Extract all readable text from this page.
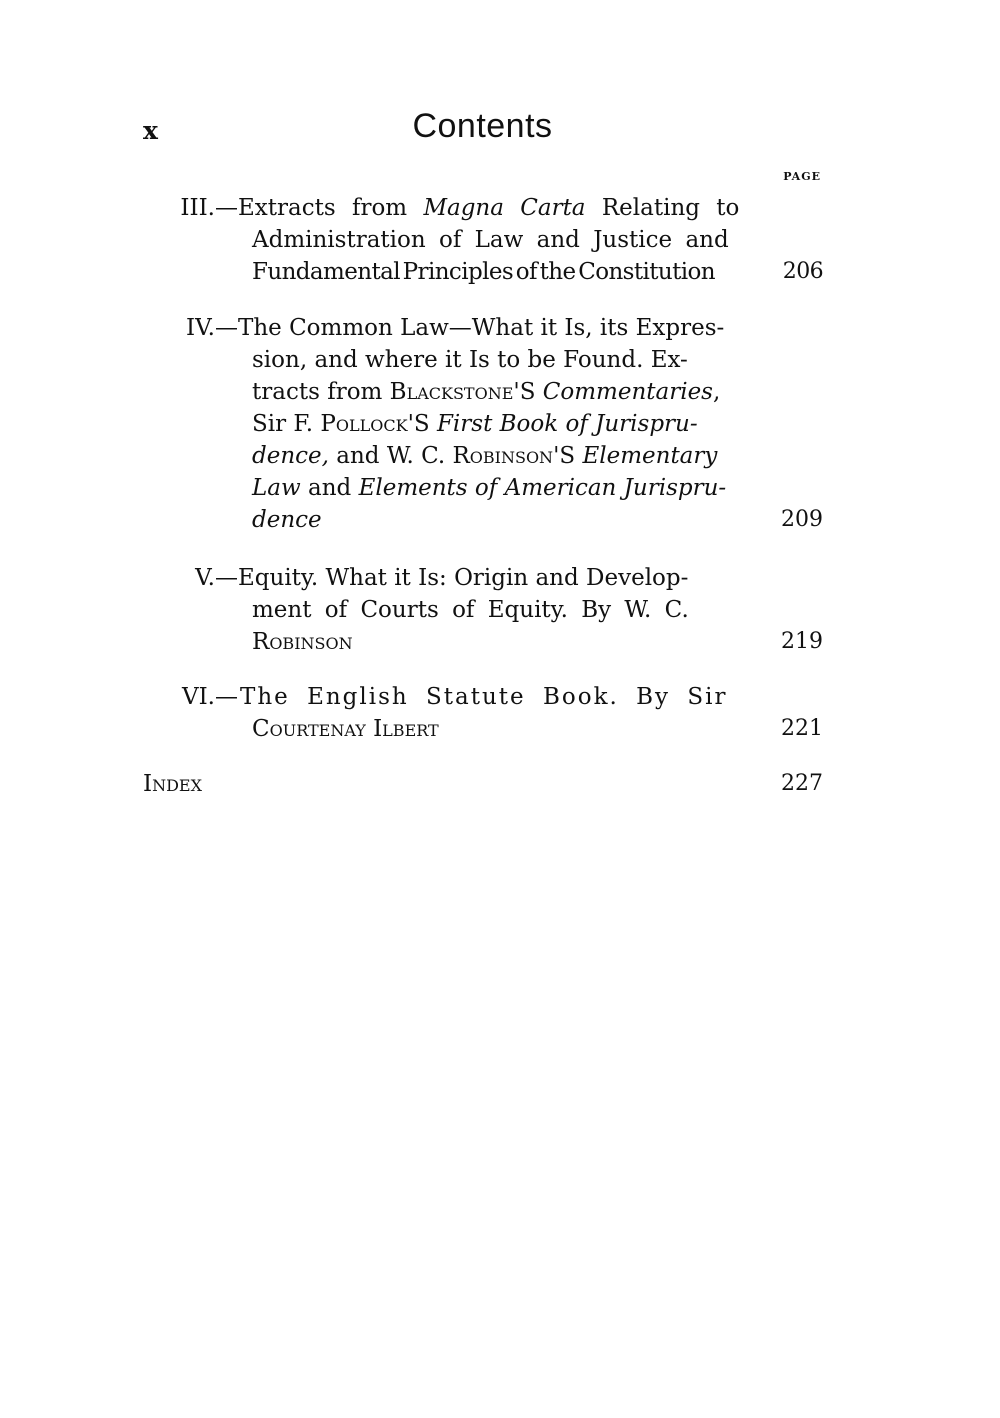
x	Contents
PAGE
III.—Extracts from Magna Carta Relating to
Administration of Law and Justice and
Fundamental Principles of the Constitution	206
IV.—The Common Law—What it Is, its Expres-
sion, and where it Is to be Found. Ex-
tracts from Blackstone'S Commentaries,
Sir F. Pollock'S First Book of Jurispru-
dence, and W. C. Robinson'S Elementary
Law and Elements of American Jurispru-
dence	209
V.—Equity. What it Is: Origin and Develop-
ment of Courts of Equity. By W. C.
Robinson	219
VI.—The English Statute Book. By Sir
Courtenay Ilbert	221
Index	227
